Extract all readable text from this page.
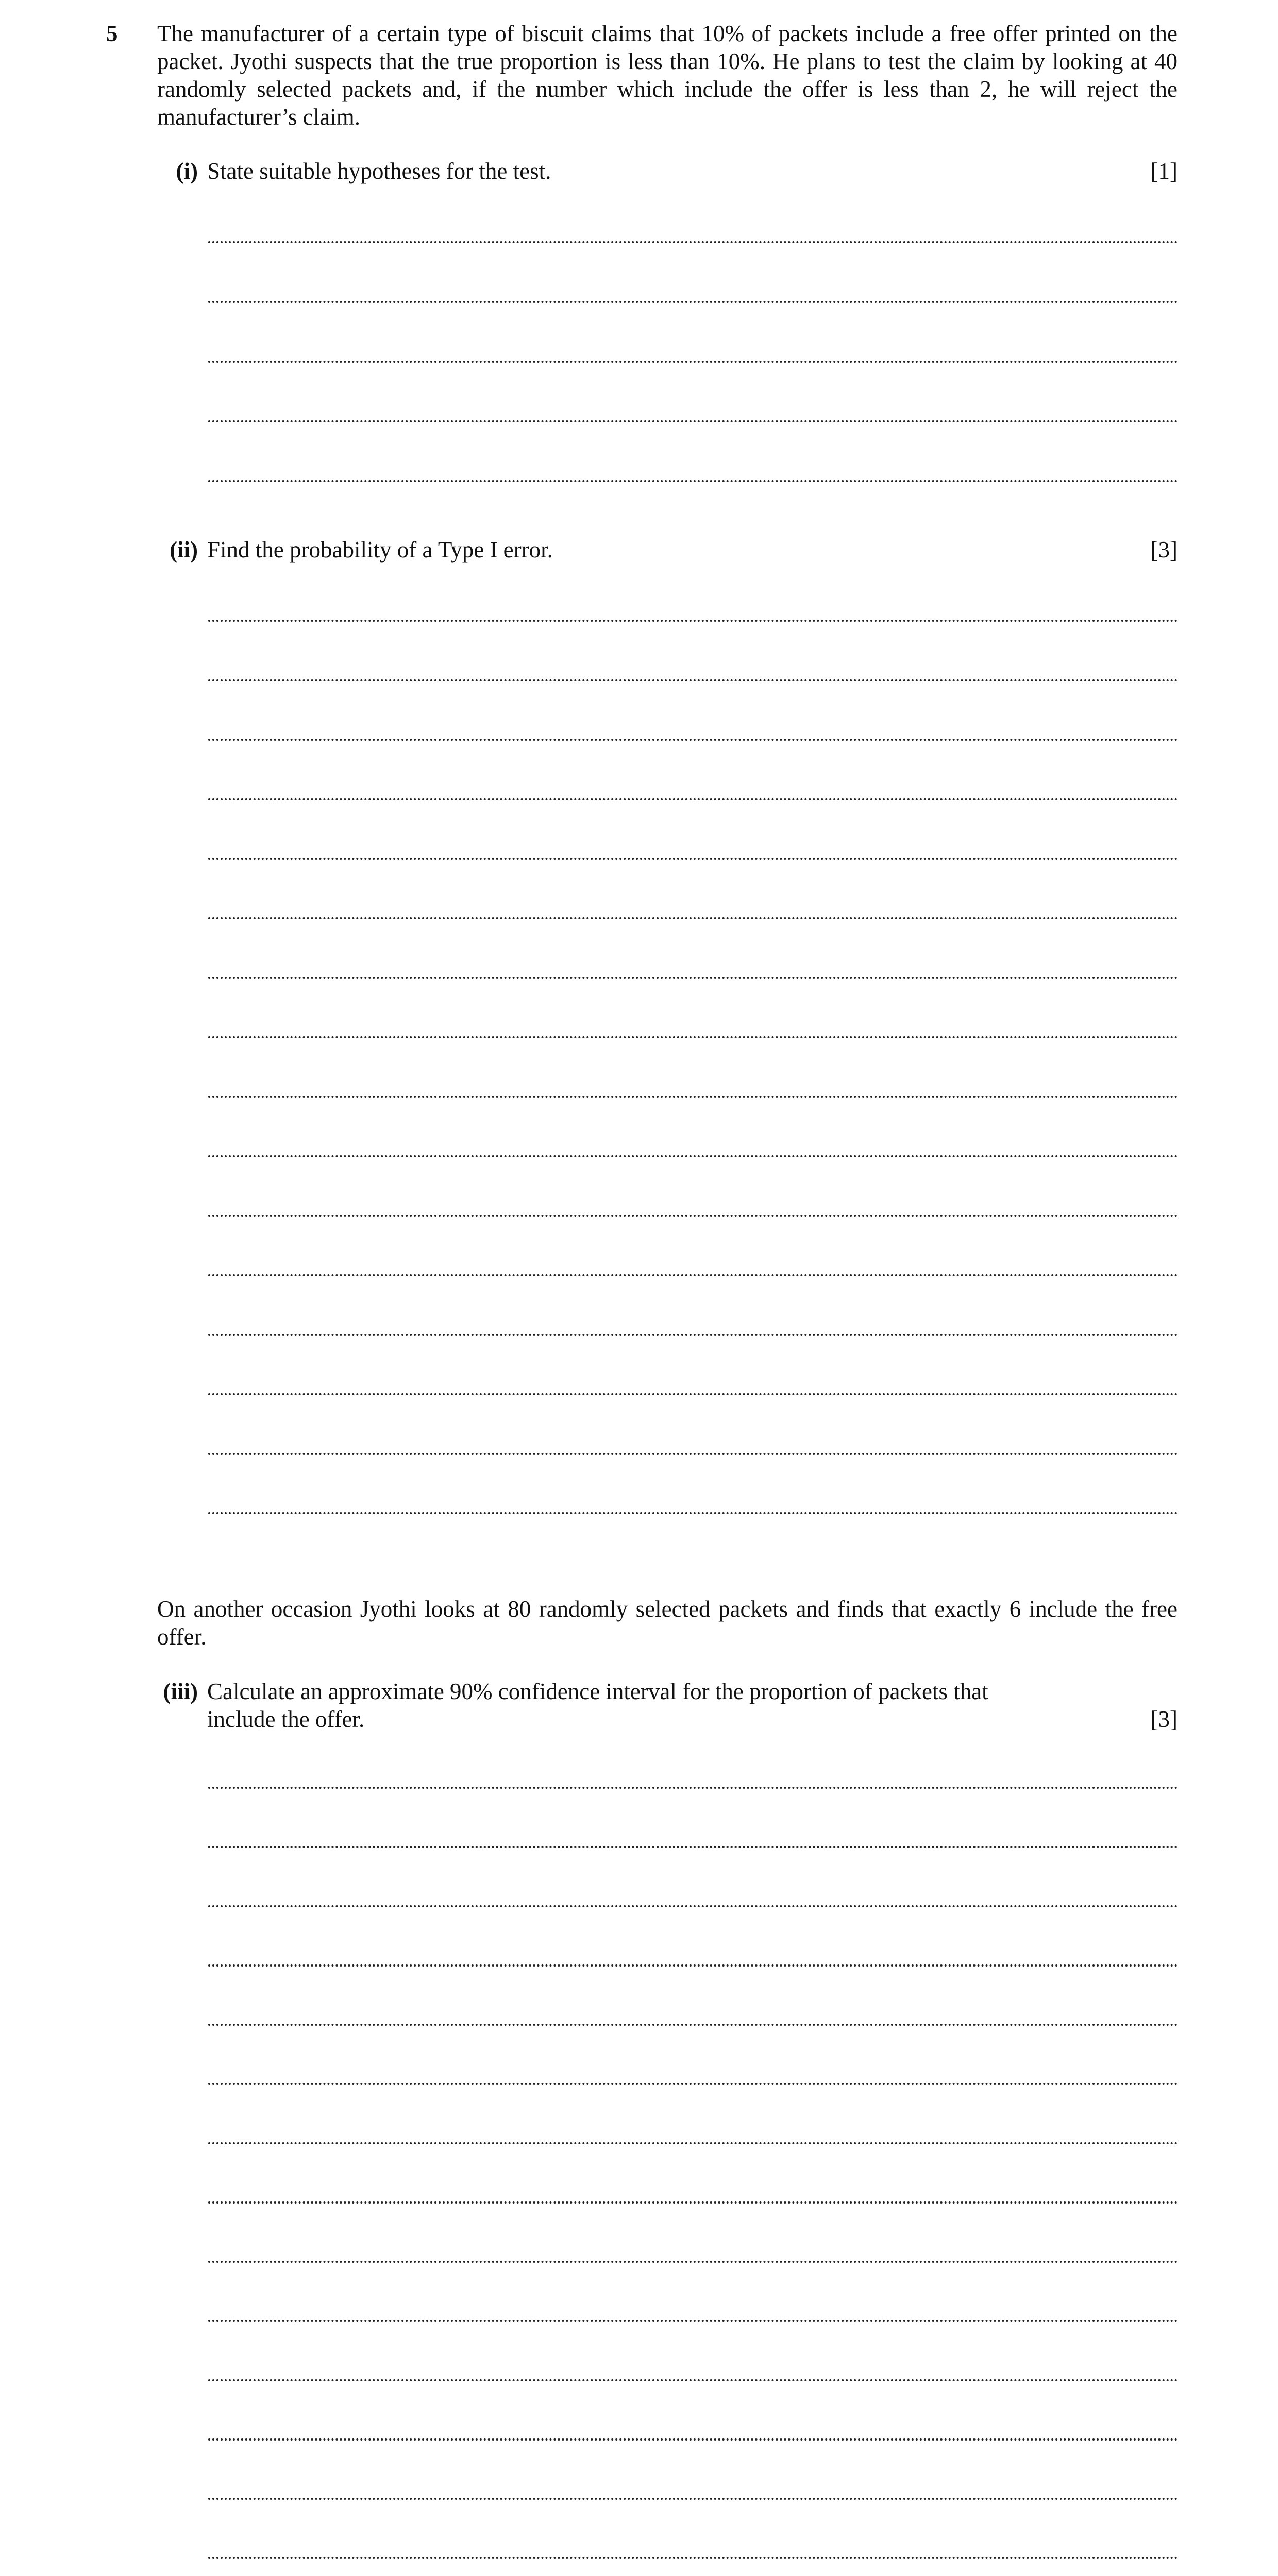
5 The manufacturer of a certain type of biscuit claims that 10% of packets include a free offer printed on the packet. Jyothi suspects that the true proportion is less than 10%. He plans to test the claim by looking at 40 randomly selected packets and, if the number which include the offer is less than 2, he will reject the manufacturer’s claim.
(i) State suitable hypotheses for the test.	[1]
(ii) Find the probability of a Type I error.	[3]
On another occasion Jyothi looks at 80 randomly selected packets and finds that exactly 6 include the free offer.
(iii) Calculate an approximate 90% confidence interval for the proportion of packets that include the offer.	[3]
